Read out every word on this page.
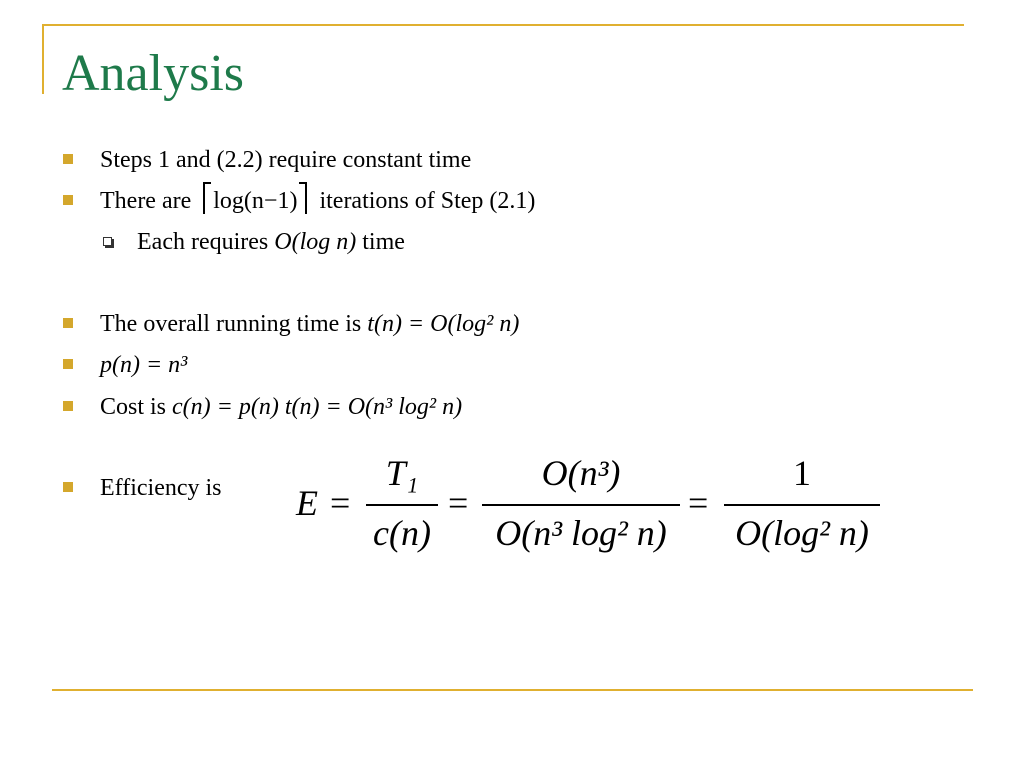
Analysis
Steps 1 and (2.2) require constant time
There are log(n−1) iterations of Step (2.1)
Each requires O(log n) time
The overall running time is t(n) = O(log² n)
p(n) = n³
Cost is c(n) = p(n) t(n) = O(n³ log² n)
Efficiency is E =
T₁
c(n)
=
O(n³)
O(n³ log² n)
=
1
O(log² n)
